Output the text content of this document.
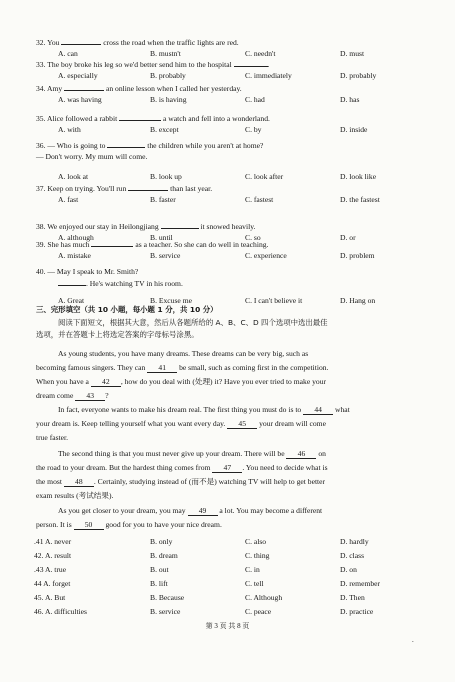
32. You	cross the road when the traffic lights are red.
A. can	B. mustn't	C. needn't	D. must
33. The boy broke his leg so we'd better send him to the hospital	.
A. especially	B. probably	C. immediately	D. probably
34. Amy	an online lesson when I called her yesterday.
A. was having	B. is having	C. had	D. has
35. Alice followed a rabbit	a watch and fell into a wonderland.
A. with	B. except	C. by	D. inside
36. — Who is going to	the children while you aren't at home?
— Don't worry. My mum will come.
A. look at	B. look up	C. look after	D. look like
37. Keep on trying. You'll run	than last year.
A. fast	B. faster	C. fastest	D. the fastest
38. We enjoyed our stay in Heilongjiang	it snowed heavily.
A. although	B. until	C. so	D. or
39. She has much	as a teacher. So she can do well in teaching.
A. mistake	B. service	C. experience	D. problem
40. — May I speak to Mr. Smith?
. He's watching TV in his room.
A. Great	B. Excuse me	C. I can't believe it	D. Hang on
三、完形填空（共 10 小题，每小题 1 分，共 10 分）
阅读下面短文，根据其大意，然后从各题所给的 A、B、C、D 四个选项中选出最佳
选项，并在答题卡上将选定答案的字母标号涂黑。
As young students, you have many dreams. These dreams can be very big, such as
becoming famous singers. They can 41 be small, such as coming first in the competition.
When you have a 42 , how do you deal with (处理) it? Have you ever tried to make your
dream come 43 ?
In fact, everyone wants to make his dream real. The first thing you must do is to 44 what
your dream is. Keep telling yourself what you want every day. 45 your dream will come
true faster.
The second thing is that you must never give up your dream. There will be 46 on
the road to your dream. But the hardest thing comes from 47 . You need to decide what is
the most 48 . Certainly, studying instead of (而不是) watching TV will help to get better
exam results (考试结果).
As you get closer to your dream, you may 49 a lot. You may become a different
person. It is 50 good for you to have your nice dream.
.41 A. never	B. only	C. also	D. hardly
42. A. result	B. dream	C. thing	D. class
.43 A. true	B. out	C. in	D. on
44 A. forget	B. lift	C. tell	D. remember
45. A. But	B. Because	C. Although	D. Then
46. A. difficulties	B. service	C. peace	D. practice
第 3 页 共 8 页
.
